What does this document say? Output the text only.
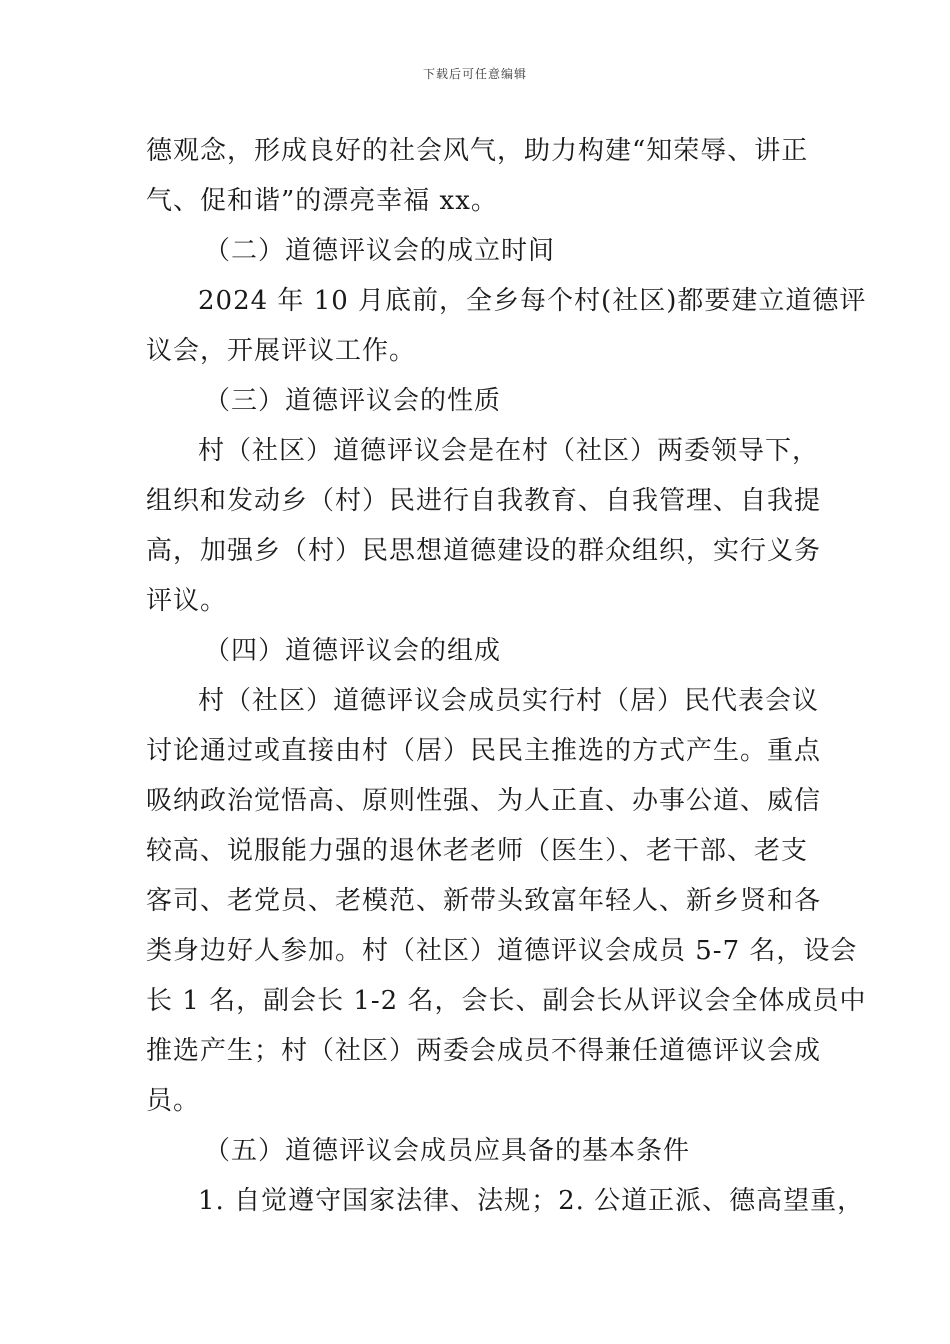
下载后可任意编辑
德观念，形成良好的社会风气，助力构建“知荣辱、讲正
气、促和谐”的漂亮幸福 xx。
（二）道德评议会的成立时间
2024 年 10 月底前，全乡每个村(社区)都要建立道德评
议会，开展评议工作。
（三）道德评议会的性质
村（社区）道德评议会是在村（社区）两委领导下，
组织和发动乡（村）民进行自我教育、自我管理、自我提
高，加强乡（村）民思想道德建设的群众组织，实行义务
评议。
（四）道德评议会的组成
村（社区）道德评议会成员实行村（居）民代表会议
讨论通过或直接由村（居）民民主推选的方式产生。重点
吸纳政治觉悟高、原则性强、为人正直、办事公道、威信
较高、说服能力强的退休老老师（医生）、老干部、老支
客司、老党员、老模范、新带头致富年轻人、新乡贤和各
类身边好人参加。村（社区）道德评议会成员 5-7 名，设会
长 1 名，副会长 1-2 名，会长、副会长从评议会全体成员中
推选产生；村（社区）两委会成员不得兼任道德评议会成
员。
（五）道德评议会成员应具备的基本条件
1. 自觉遵守国家法律、法规；2. 公道正派、德高望重，
